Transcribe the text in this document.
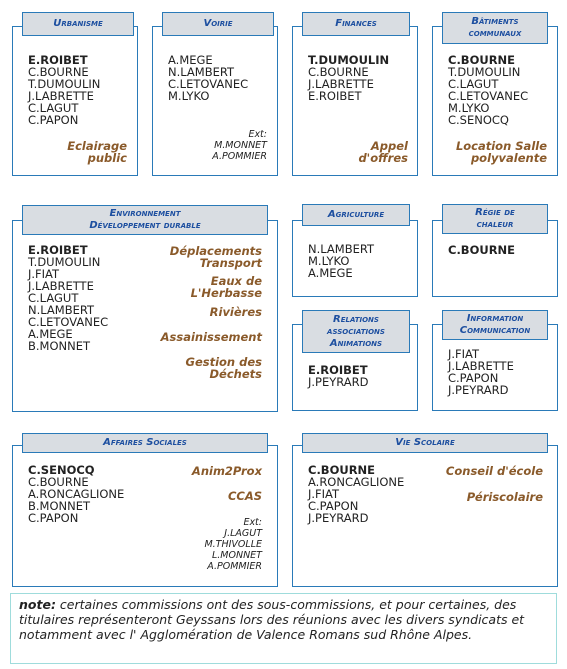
Urbanisme
E.ROIBET
C.BOURNE
T.DUMOULIN
J.LABRETTE
C.LAGUT
C.PAPON
Eclairage
public
Voirie
A.MEGE
N.LAMBERT
C.LETOVANEC
M.LYKO
Ext:
M.MONNET
A.POMMIER
Finances
T.DUMOULIN
C.BOURNE
J.LABRETTE
E.ROIBET
Appel
d'offres
Bâtiments
communaux
C.BOURNE
T.DUMOULIN
C.LAGUT
C.LETOVANEC
M.LYKO
C.SENOCQ
Location Salle
polyvalente
Environnement
Développement durable
E.ROIBET
T.DUMOULIN
J.FIAT
J.LABRETTE
C.LAGUT
N.LAMBERT
C.LETOVANEC
A.MEGE
B.MONNET
Déplacements
Transport
Eaux de
L'Herbasse
Rivières
Assainissement
Gestion des
Déchets
Agriculture
N.LAMBERT
M.LYKO
A.MEGE
Régie de
chaleur
C.BOURNE
Relations
associations
Animations
E.ROIBET
J.PEYRARD
Information
Communication
J.FIAT
J.LABRETTE
C.PAPON
J.PEYRARD
Affaires Sociales
C.SENOCQ
C.BOURNE
A.RONCAGLIONE
B.MONNET
C.PAPON
Anim2Prox
CCAS
Ext:
J.LAGUT
M.THIVOLLE
L.MONNET
A.POMMIER
Vie Scolaire
C.BOURNE
A.RONCAGLIONE
J.FIAT
C.PAPON
J.PEYRARD
Conseil d'école
Périscolaire
note: certaines commissions ont des sous-commissions, et pour certaines, des titulaires représenteront Geyssans lors des réunions avec les divers syndicats et notamment avec l' Agglomération de Valence Romans sud Rhône Alpes.
